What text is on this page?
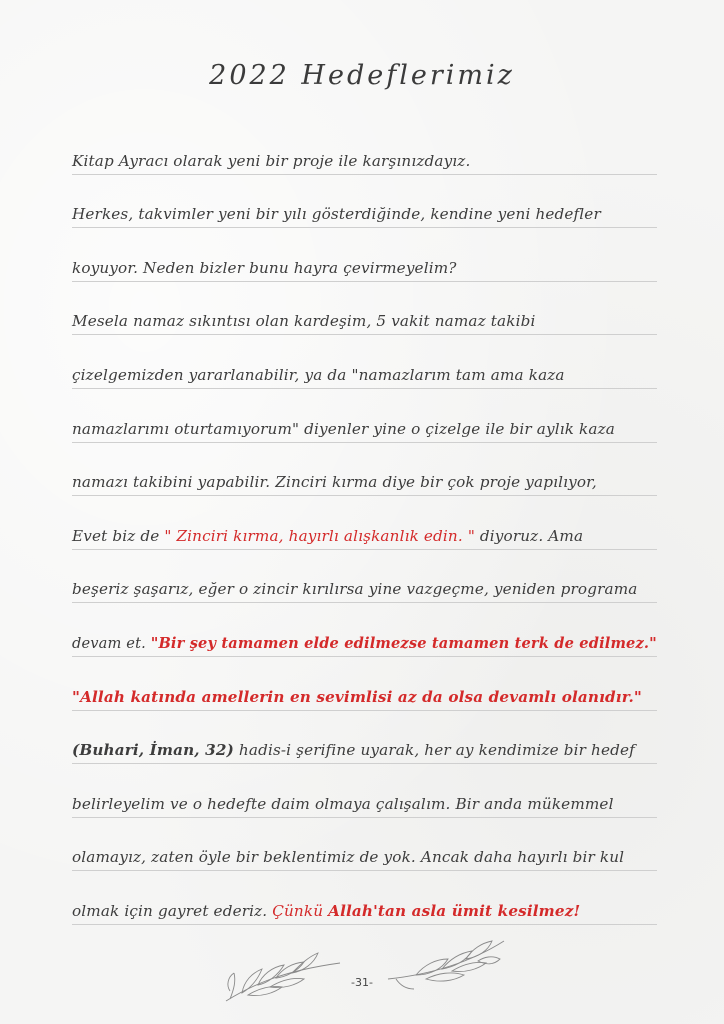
2022 Hedeflerimiz
Kitap Ayracı olarak yeni bir proje ile karşınızdayız.
Herkes, takvimler yeni bir yılı gösterdiğinde, kendine yeni hedefler
koyuyor. Neden bizler bunu hayra çevirmeyelim?
Mesela namaz sıkıntısı olan kardeşim, 5 vakit namaz takibi
çizelgemizden yararlanabilir, ya da "namazlarım tam ama kaza
namazlarımı oturtamıyorum" diyenler yine o çizelge ile bir aylık kaza
namazı takibini yapabilir. Zinciri kırma diye bir çok proje yapılıyor,
Evet biz de " Zinciri kırma, hayırlı alışkanlık edin. " diyoruz. Ama
beşeriz şaşarız, eğer o zincir kırılırsa yine vazgeçme, yeniden programa
devam et. "Bir şey tamamen elde edilmezse tamamen terk de edilmez."
"Allah katında amellerin en sevimlisi az da olsa devamlı olanıdır."
(Buhari, İman, 32) hadis-i şerifine uyarak, her ay kendimize bir hedef
belirleyelim ve o hedefte daim olmaya çalışalım. Bir anda mükemmel
olamayız, zaten öyle bir beklentimiz de yok. Ancak daha hayırlı bir kul
olmak için gayret ederiz. Çünkü Allah'tan asla ümit kesilmez!
-31-
